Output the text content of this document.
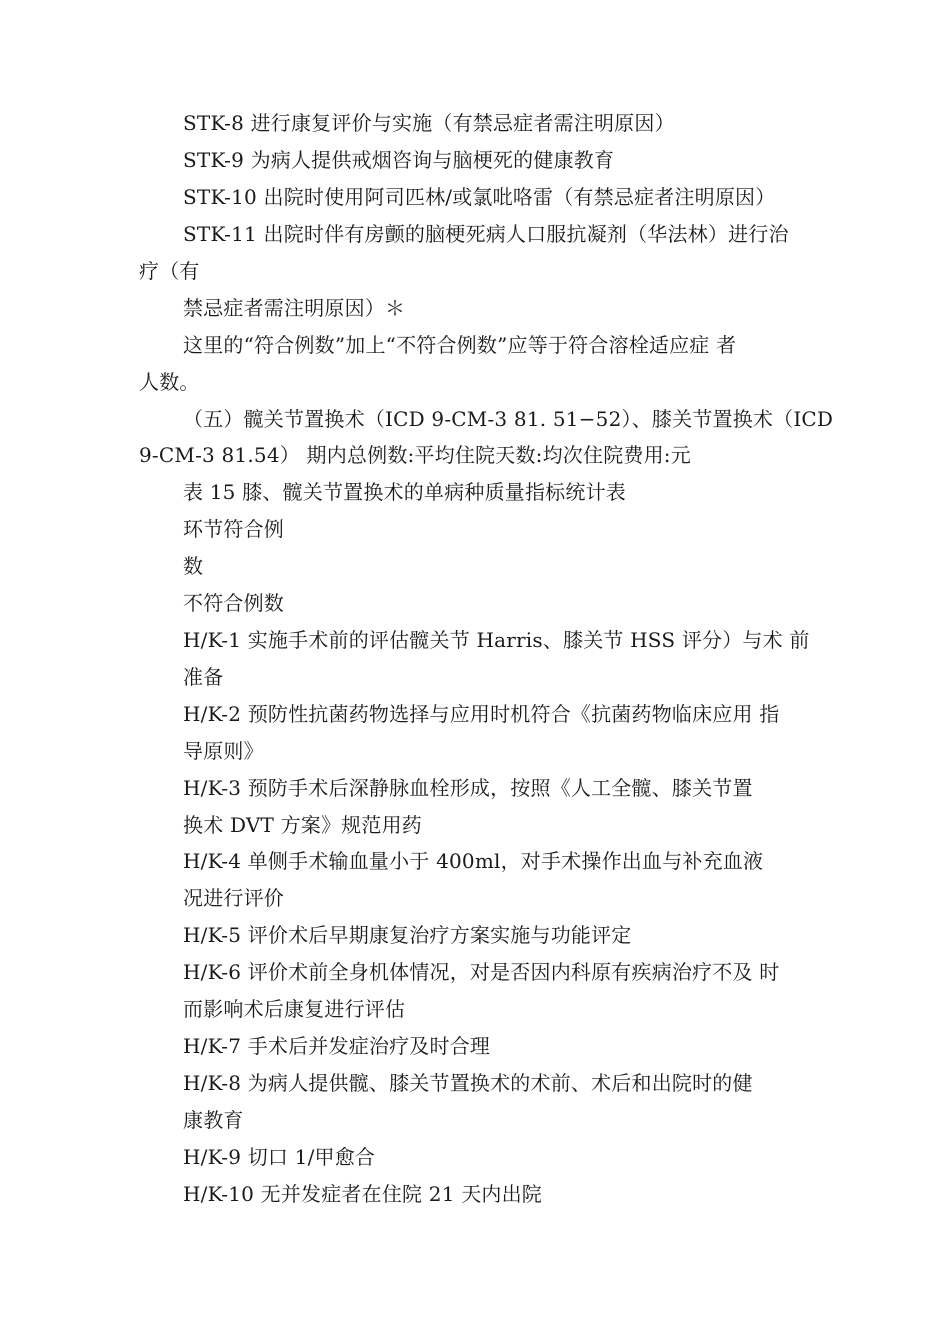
STK-8 进行康复评价与实施（有禁忌症者需注明原因）
STK-9 为病人提供戒烟咨询与脑梗死的健康教育
STK-10 出院时使用阿司匹林/或氯吡咯雷（有禁忌症者注明原因）
STK-11 出院时伴有房颤的脑梗死病人口服抗凝剂（华法林）进行治
疗（有
禁忌症者需注明原因）＊
这里的“符合例数”加上“不符合例数”应等于符合溶栓适应症 者
人数。
（五）髋关节置换术（ICD 9-CM-3 81. 51−52）、膝关节置换术（ICD
9-CM-3 81.54） 期内总例数:平均住院天数:均次住院费用:元
表 15 膝、髋关节置换术的单病种质量指标统计表
环节符合例
数
不符合例数
H/K-1 实施手术前的评估髋关节 Harris、膝关节 HSS 评分）与术 前
准备
H/K-2 预防性抗菌药物选择与应用时机符合《抗菌药物临床应用 指
导原则》
H/K-3 预防手术后深静脉血栓形成，按照《人工全髋、膝关节置
换术 DVT 方案》规范用药
H/K-4 单侧手术输血量小于 400ml，对手术操作出血与补充血液
况进行评价
H/K-5 评价术后早期康复治疗方案实施与功能评定
H/K-6 评价术前全身机体情况，对是否因内科原有疾病治疗不及 时
而影响术后康复进行评估
H/K-7 手术后并发症治疗及时合理
H/K-8 为病人提供髋、膝关节置换术的术前、术后和出院时的健
康教育
H/K-9 切口 1/甲愈合
H/K-10 无并发症者在住院 21 天内出院
